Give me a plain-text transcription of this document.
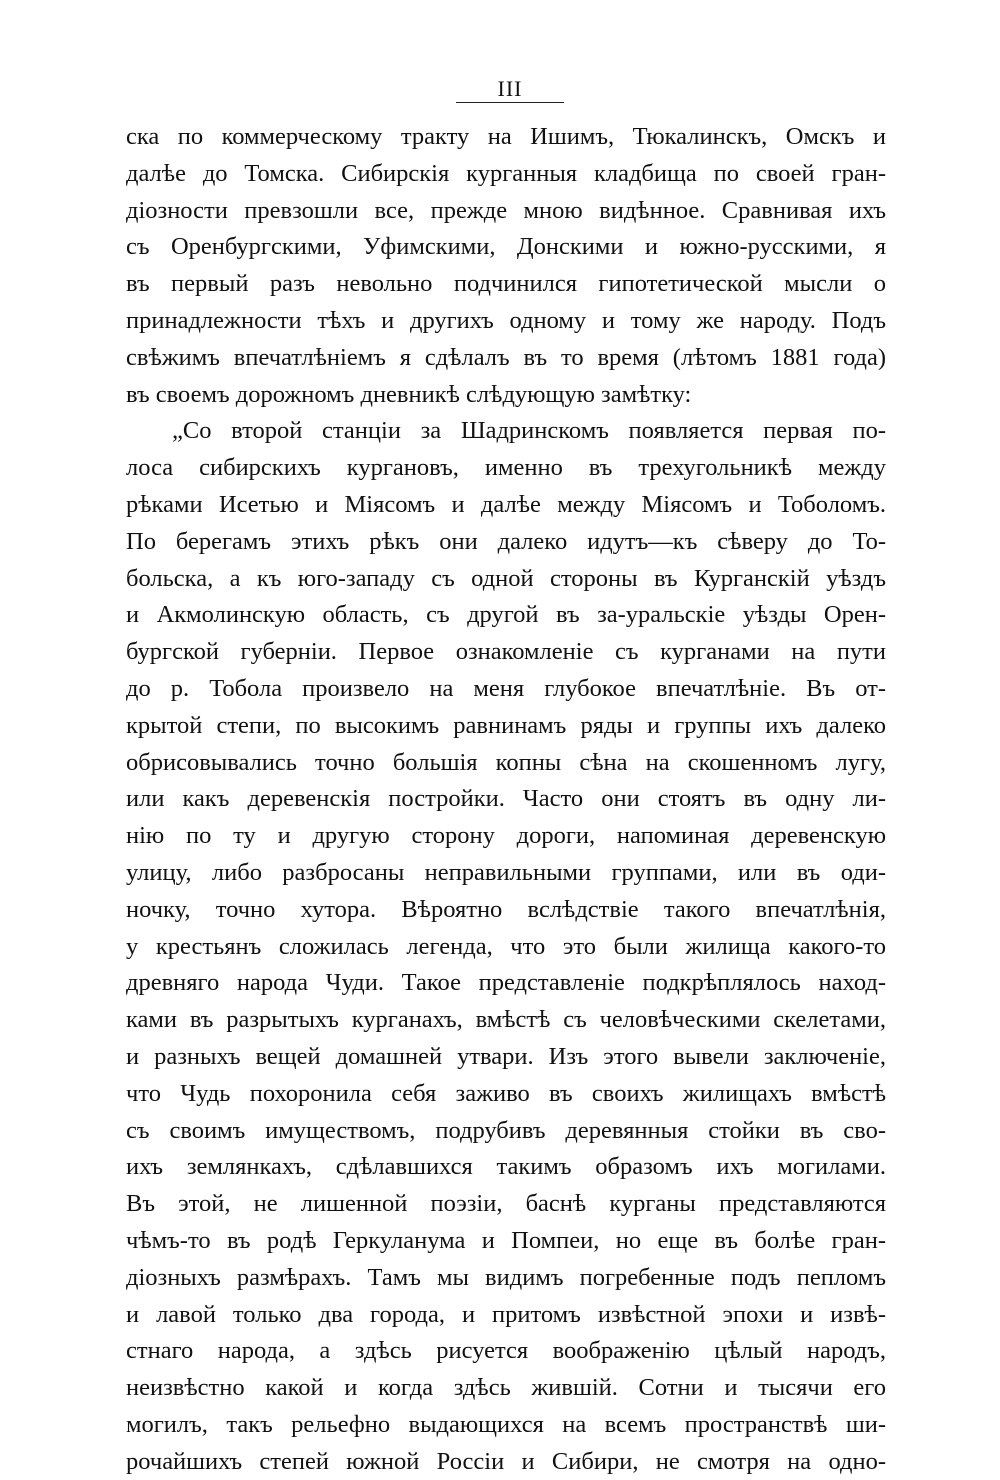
III
ска по коммерческому тракту на Ишимъ, Тюкалинскъ, Омскъ и
далѣе до Томска. Сибирскія курганныя кладбища по своей гран-
діозности превзошли все, прежде мною видѣнное. Сравнивая ихъ
съ Оренбургскими, Уфимскими, Донскими и южно-русскими, я
въ первый разъ невольно подчинился гипотетической мысли о
принадлежности тѣхъ и другихъ одному и тому же народу. Подъ
свѣжимъ впечатлѣніемъ я сдѣлалъ въ то время (лѣтомъ 1881 года)
въ своемъ дорожномъ дневникѣ слѣдующую замѣтку:
„Со второй станціи за Шадринскомъ появляется первая по-
лоса сибирскихъ кургановъ, именно въ трехугольникѣ между
рѣками Исетью и Міясомъ и далѣе между Міясомъ и Тоболомъ.
По берегамъ этихъ рѣкъ они далеко идутъ—къ сѣверу до То-
больска, а къ юго-западу съ одной стороны въ Курганскій уѣздъ
и Акмолинскую область, съ другой въ за-уральскіе уѣзды Орен-
бургской губерніи. Первое ознакомленіе съ курганами на пути
до р. Тобола произвело на меня глубокое впечатлѣніе. Въ от-
крытой степи, по высокимъ равнинамъ ряды и группы ихъ далеко
обрисовывались точно большія копны сѣна на скошенномъ лугу,
или какъ деревенскія постройки. Часто они стоятъ въ одну ли-
нію по ту и другую сторону дороги, напоминая деревенскую
улицу, либо разбросаны неправильными группами, или въ оди-
ночку, точно хутора. Вѣроятно вслѣдствіе такого впечатлѣнія,
у крестьянъ сложилась легенда, что это были жилища какого-то
древняго народа Чуди. Такое представленіе подкрѣплялось наход-
ками въ разрытыхъ курганахъ, вмѣстѣ съ человѣческими скелетами,
и разныхъ вещей домашней утвари. Изъ этого вывели заключеніе,
что Чудь похоронила себя заживо въ своихъ жилищахъ вмѣстѣ
съ своимъ имуществомъ, подрубивъ деревянныя стойки въ сво-
ихъ землянкахъ, сдѣлавшихся такимъ образомъ ихъ могилами.
Въ этой, не лишенной поэзіи, баснѣ курганы представляются
чѣмъ-то въ родѣ Геркуланума и Помпеи, но еще въ болѣе гран-
діозныхъ размѣрахъ. Тамъ мы видимъ погребенные подъ пепломъ
и лавой только два города, и притомъ извѣстной эпохи и извѣ-
стнаго народа, а здѣсь рисуется воображенію цѣлый народъ,
неизвѣстно какой и когда здѣсь жившій. Сотни и тысячи его
могилъ, такъ рельефно выдающихся на всемъ пространствѣ ши-
рочайшихъ степей южной Россіи и Сибири, не смотря на одно-
